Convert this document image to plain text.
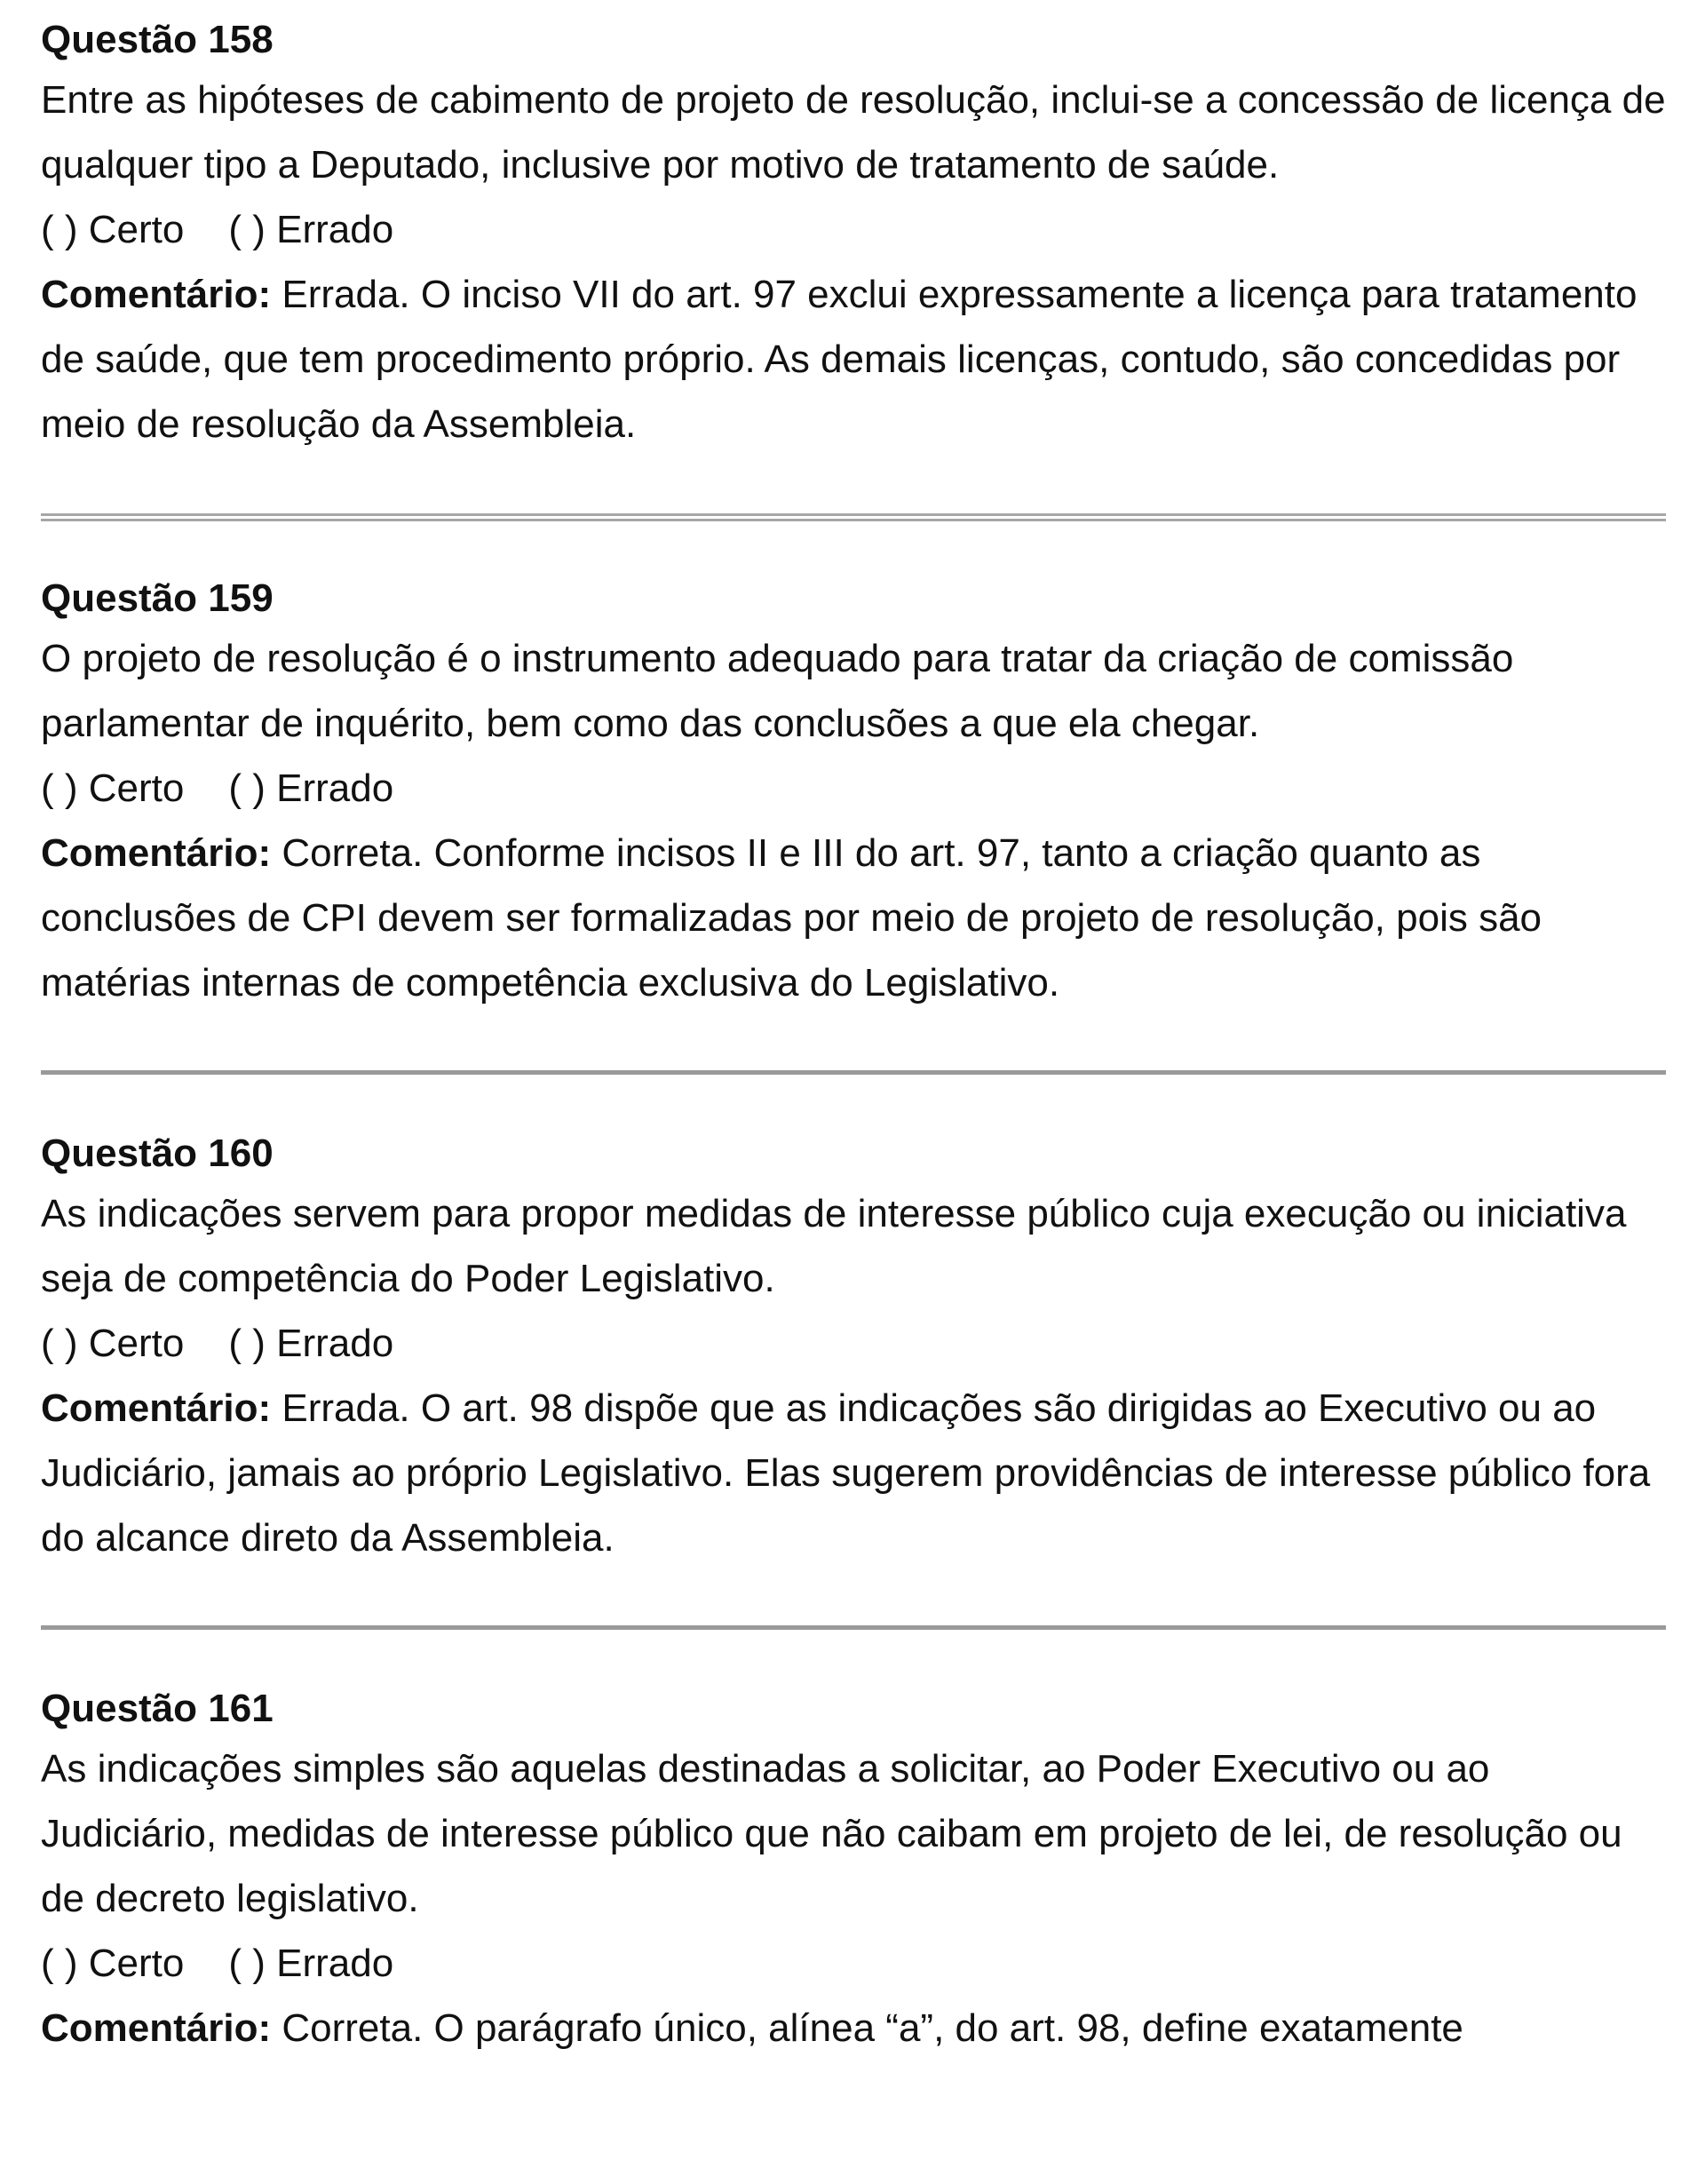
Questão 158

Entre as hipóteses de cabimento de projeto de resolução, inclui-se a concessão de licença de qualquer tipo a Deputado, inclusive por motivo de tratamento de saúde.

( ) Certo ( ) Errado

Comentário: Errada. O inciso VII do art. 97 exclui expressamente a licença para tratamento de saúde, que tem procedimento próprio. As demais licenças, contudo, são concedidas por meio de resolução da Assembleia.

Questão 159

O projeto de resolução é o instrumento adequado para tratar da criação de comissão parlamentar de inquérito, bem como das conclusões a que ela chegar.

( ) Certo ( ) Errado

Comentário: Correta. Conforme incisos II e III do art. 97, tanto a criação quanto as conclusões de CPI devem ser formalizadas por meio de projeto de resolução, pois são matérias internas de competência exclusiva do Legislativo.

Questão 160

As indicações servem para propor medidas de interesse público cuja execução ou iniciativa seja de competência do Poder Legislativo.

( ) Certo ( ) Errado

Comentário: Errada. O art. 98 dispõe que as indicações são dirigidas ao Executivo ou ao Judiciário, jamais ao próprio Legislativo. Elas sugerem providências de interesse público fora do alcance direto da Assembleia.

Questão 161

As indicações simples são aquelas destinadas a solicitar, ao Poder Executivo ou ao Judiciário, medidas de interesse público que não caibam em projeto de lei, de resolução ou de decreto legislativo.

( ) Certo ( ) Errado

Comentário: Correta. O parágrafo único, alínea “a”, do art. 98, define exatamente
